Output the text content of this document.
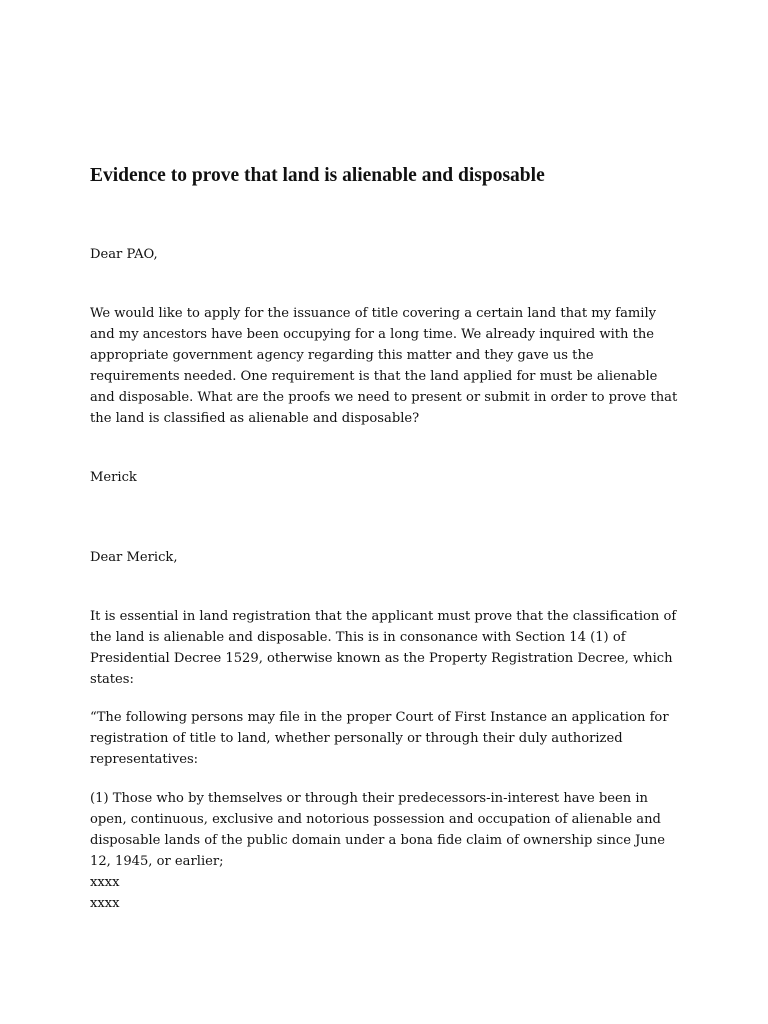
Evidence to prove that land is alienable and disposable

Dear PAO,

We would like to apply for the issuance of title covering a certain land that my family and my ancestors have been occupying for a long time. We already inquired with the appropriate government agency regarding this matter and they gave us the requirements needed. One requirement is that the land applied for must be alienable and disposable. What are the proofs we need to present or submit in order to prove that the land is classified as alienable and disposable?

Merick

Dear Merick,

It is essential in land registration that the applicant must prove that the classification of the land is alienable and disposable. This is in consonance with Section 14 (1) of Presidential Decree 1529, otherwise known as the Property Registration Decree, which states:

“The following persons may file in the proper Court of First Instance an application for registration of title to land, whether personally or through their duly authorized representatives:

(1) Those who by themselves or through their predecessors-in-interest have been in open, continuous, exclusive and notorious possession and occupation of alienable and disposable lands of the public domain under a bona fide claim of ownership since June 12, 1945, or earlier;

xxxx
xxxx
